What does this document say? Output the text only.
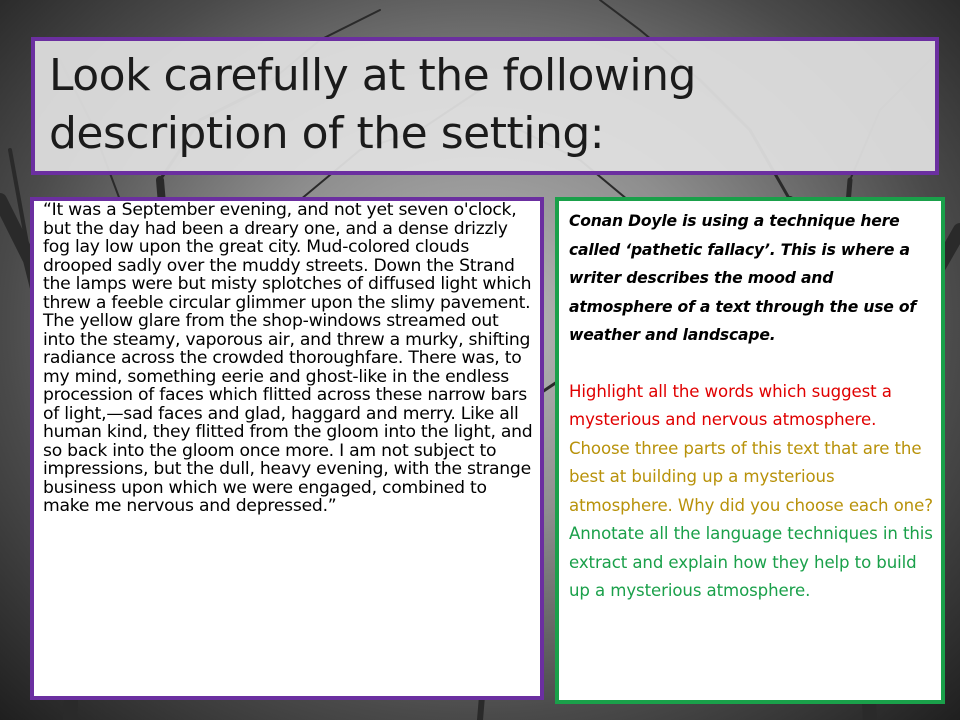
Look carefully at the following description of the setting:
“It was a September evening, and not yet seven o'clock, but the day had been a dreary one, and a dense drizzly fog lay low upon the great city. Mud-colored clouds drooped sadly over the muddy streets. Down the Strand the lamps were but misty splotches of diffused light which threw a feeble circular glimmer upon the slimy pavement. The yellow glare from the shop-windows streamed out into the steamy, vaporous air, and threw a murky, shifting radiance across the crowded thoroughfare. There was, to my mind, something eerie and ghost-like in the endless procession of faces which flitted across these narrow bars of light,—sad faces and glad, haggard and merry. Like all human kind, they flitted from the gloom into the light, and so back into the gloom once more. I am not subject to impressions, but the dull, heavy evening, with the strange business upon which we were engaged, combined to make me nervous and depressed.”
Conan Doyle is using a technique here called ‘pathetic fallacy’. This is where a writer describes the mood and atmosphere of a text through the use of weather and landscape.
Highlight all the words which suggest a mysterious and nervous atmosphere.
Choose three parts of this text that are the best at building up a mysterious atmosphere. Why did you choose each one?
Annotate all the language techniques in this extract and explain how they help to build up a mysterious atmosphere.
